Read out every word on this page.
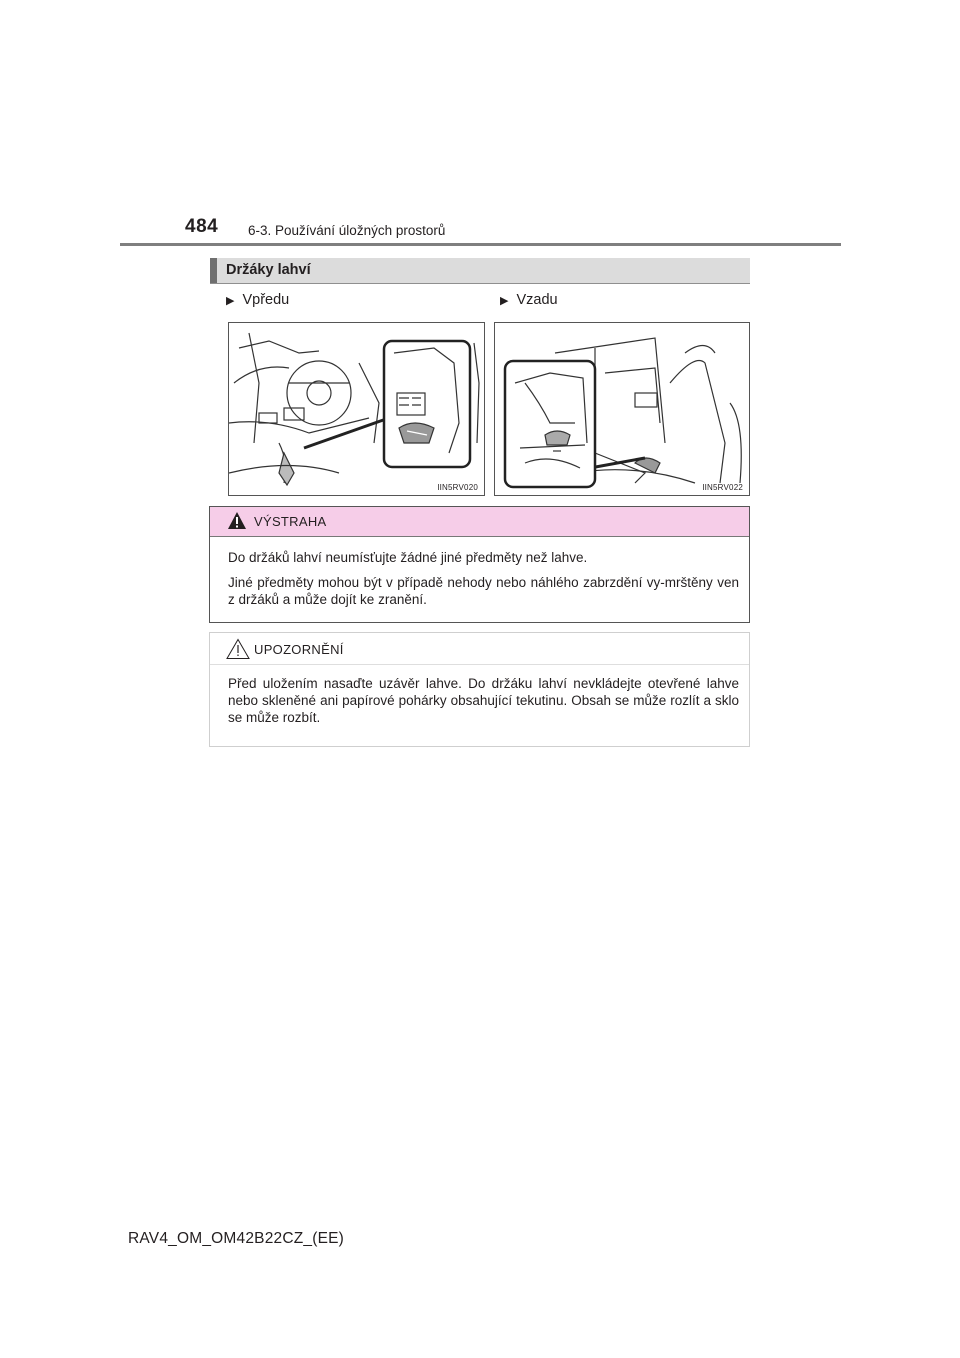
484 6-3. Používání úložných prostorů
Držáky lahví
▶ Vpředu	▶ Vzadu
IIN5RV020	IIN5RV022
VÝSTRAHA

Do držáků lahví neumísťujte žádné jiné předměty než lahve.

Jiné předměty mohou být v případě nehody nebo náhlého zabrzdění vy-mrštěny ven z držáků a může dojít ke zranění.

UPOZORNĚNÍ

Před uložením nasaďte uzávěr lahve. Do držáku lahví nevkládejte otevřené lahve nebo skleněné ani papírové pohárky obsahující tekutinu. Obsah se může rozlít a sklo se může rozbít.

RAV4_OM_OM42B22CZ_(EE)
